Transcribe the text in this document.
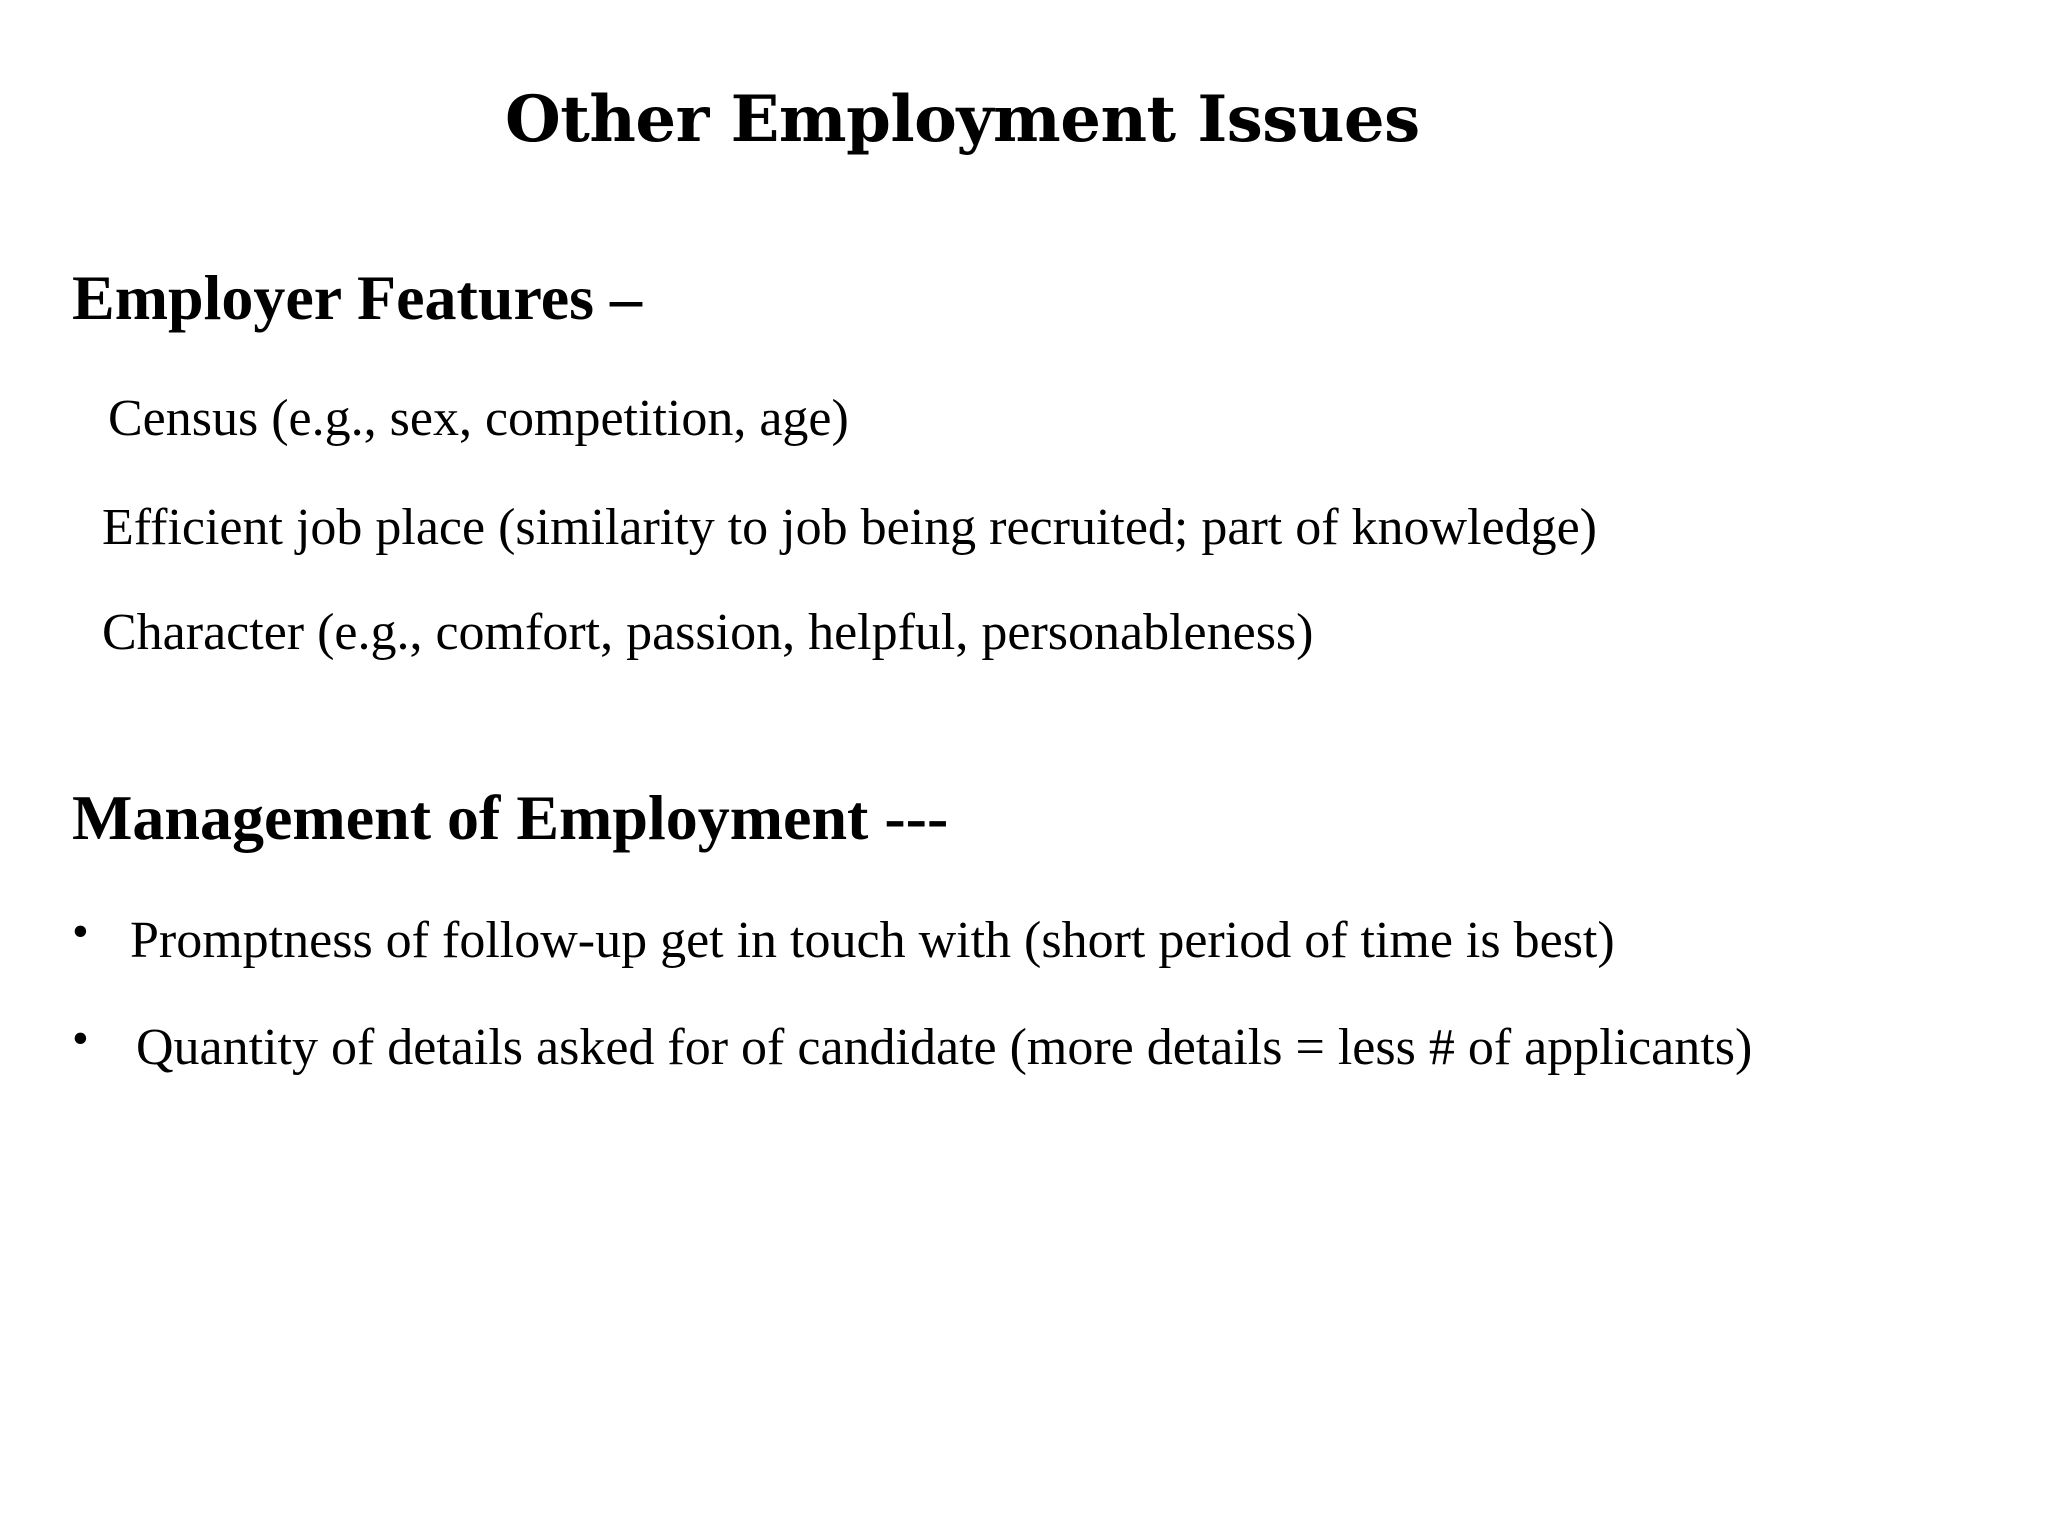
Other Employment Issues
Employer Features –
Census (e.g., sex, competition, age)
Efficient job place (similarity to job being recruited; part of knowledge)
Character (e.g., comfort, passion, helpful, personableness)
Management of Employment ---
• Promptness of follow-up get in touch with (short period of time is best)
• Quantity of details asked for of candidate (more details = less # of applicants)
